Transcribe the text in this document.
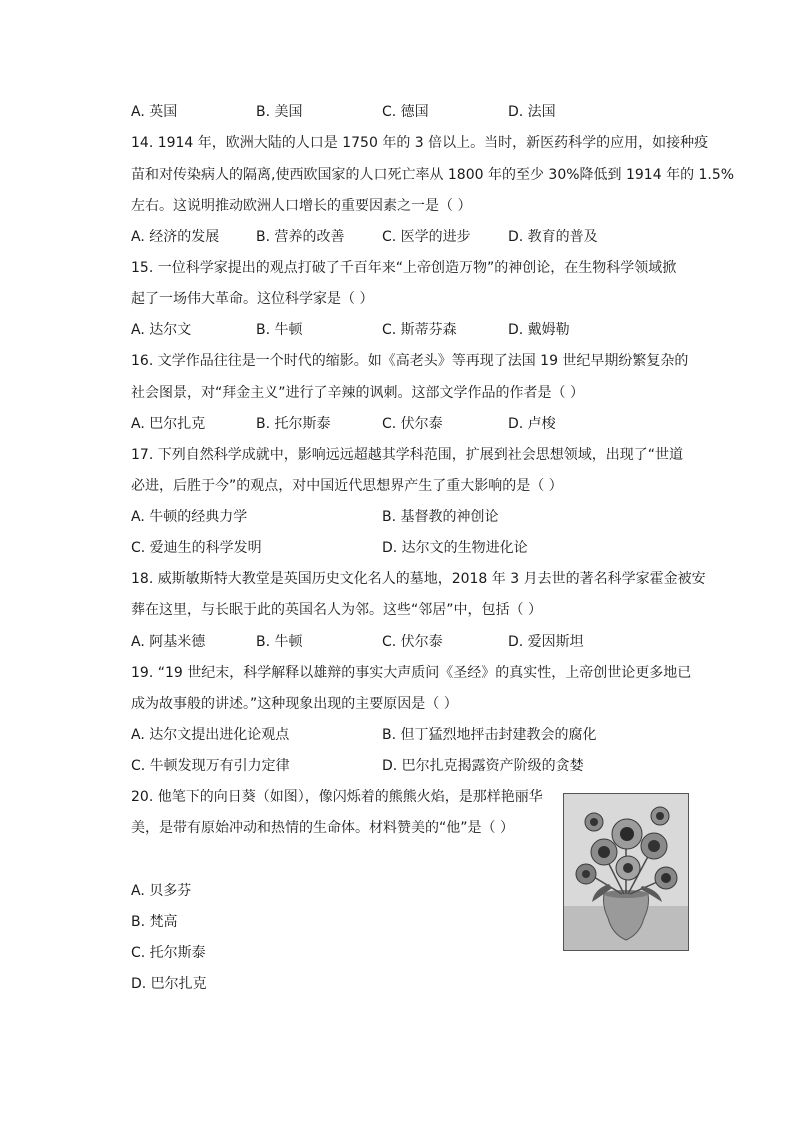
A. 英国	B. 美国	C. 德国	D. 法国
14. 1914 年，欧洲大陆的人口是 1750 年的 3 倍以上。当时，新医药科学的应用，如接种疫
苗和对传染病人的隔离,使西欧国家的人口死亡率从 1800 年的至少 30%降低到 1914 年的 1.5%
左右。这说明推动欧洲人口增长的重要因素之一是（ ）
A. 经济的发展	B. 营养的改善	C. 医学的进步	D. 教育的普及
15. 一位科学家提出的观点打破了千百年来“上帝创造万物”的神创论，在生物科学领域掀
起了一场伟大革命。这位科学家是（ ）
A. 达尔文	B. 牛顿	C. 斯蒂芬森	D. 戴姆勒
16. 文学作品往往是一个时代的缩影。如《高老头》等再现了法国 19 世纪早期纷繁复杂的
社会图景，对“拜金主义”进行了辛辣的讽刺。这部文学作品的作者是（ ）
A. 巴尔扎克	B. 托尔斯泰	C. 伏尔泰	D. 卢梭
17. 下列自然科学成就中，影响远远超越其学科范围，扩展到社会思想领域，出现了“世道
必进，后胜于今”的观点，对中国近代思想界产生了重大影响的是（ ）
A. 牛顿的经典力学	B. 基督教的神创论
C. 爱迪生的科学发明	D. 达尔文的生物进化论
18. 威斯敏斯特大教堂是英国历史文化名人的墓地，2018 年 3 月去世的著名科学家霍金被安
葬在这里，与长眠于此的英国名人为邻。这些“邻居”中，包括（ ）
A. 阿基米德	B. 牛顿	C. 伏尔泰	D. 爱因斯坦
19. “19 世纪末，科学解释以雄辩的事实大声质问《圣经》的真实性，上帝创世论更多地已
成为故事般的讲述。”这种现象出现的主要原因是（ ）
A. 达尔文提出进化论观点	B. 但丁猛烈地抨击封建教会的腐化
C. 牛顿发现万有引力定律	D. 巴尔扎克揭露资产阶级的贪婪
20. 他笔下的向日葵（如图），像闪烁着的熊熊火焰，是那样艳丽华
美，是带有原始冲动和热情的生命体。材料赞美的“他”是（ ）
A. 贝多芬
B. 梵高
C. 托尔斯泰
D. 巴尔扎克
